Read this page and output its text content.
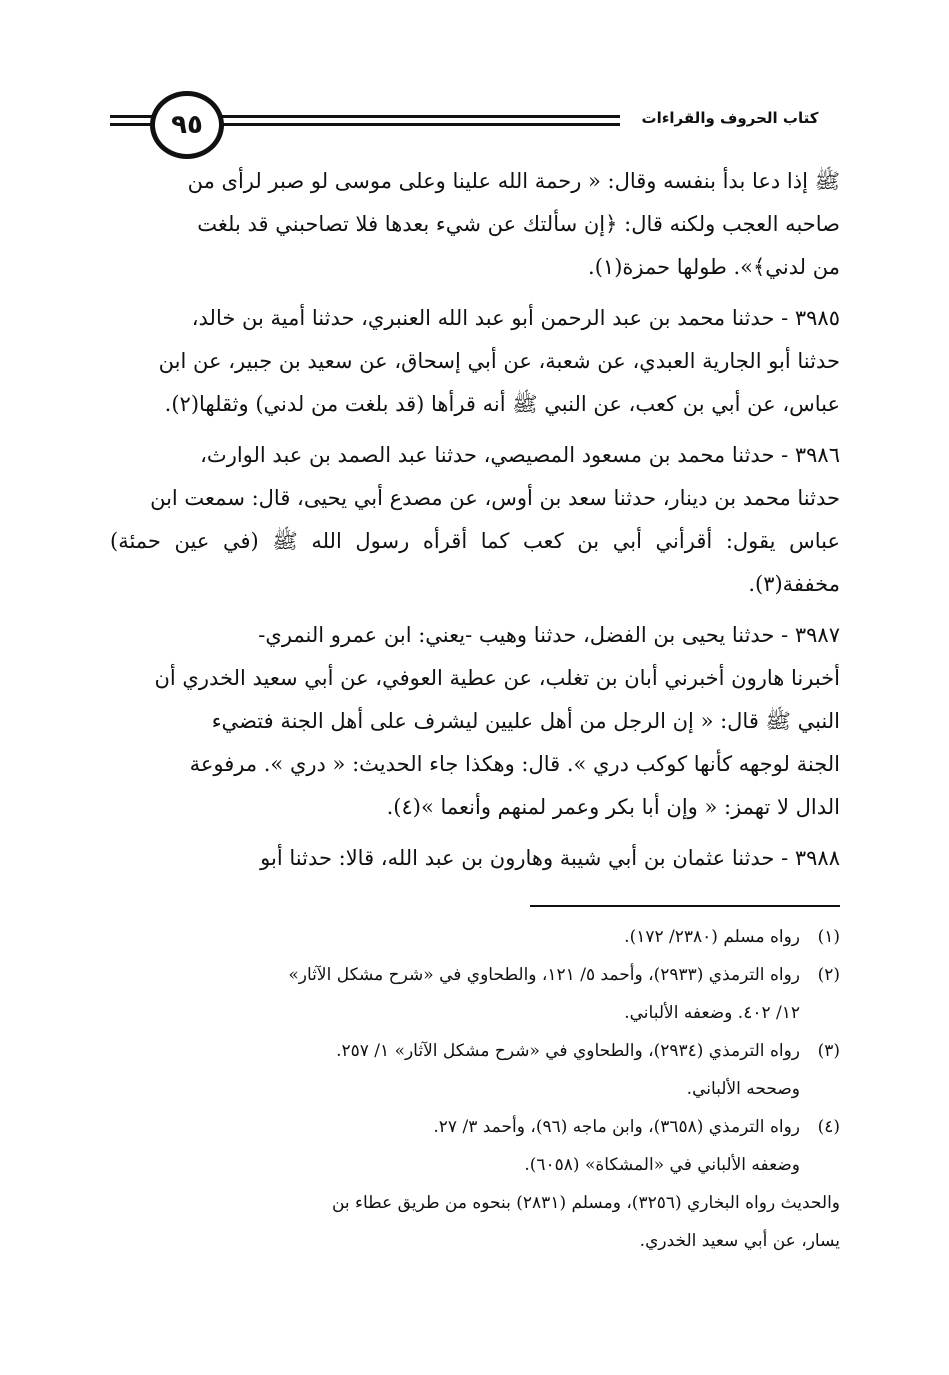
كتاب الحروف والقراءات
٩٥
ﷺ إذا دعا بدأ بنفسه وقال: « رحمة الله علينا وعلى موسى لو صبر لرأى من
صاحبه العجب ولكنه قال: ﴿إن سألتك عن شيء بعدها فلا تصاحبني قد بلغت
من لدني﴾». طولها حمزة(١).
٣٩٨٥ - حدثنا محمد بن عبد الرحمن أبو عبد الله العنبري، حدثنا أمية بن خالد،
حدثنا أبو الجارية العبدي، عن شعبة، عن أبي إسحاق، عن سعيد بن جبير، عن ابن
عباس، عن أبي بن كعب، عن النبي ﷺ أنه قرأها (قد بلغت من لدني) وثقلها(٢).
٣٩٨٦ - حدثنا محمد بن مسعود المصيصي، حدثنا عبد الصمد بن عبد الوارث،
حدثنا محمد بن دينار، حدثنا سعد بن أوس، عن مصدع أبي يحيى، قال: سمعت ابن
عباس يقول: أقرأني أبي بن كعب كما أقرأه رسول الله ﷺ (في عين حمئة) مخففة(٣).
٣٩٨٧ - حدثنا يحيى بن الفضل، حدثنا وهيب -يعني: ابن عمرو النمري-
أخبرنا هارون أخبرني أبان بن تغلب، عن عطية العوفي، عن أبي سعيد الخدري أن
النبي ﷺ قال: « إن الرجل من أهل عليين ليشرف على أهل الجنة فتضيء
الجنة لوجهه كأنها كوكب دري ». قال: وهكذا جاء الحديث: « دري ». مرفوعة
الدال لا تهمز: « وإن أبا بكر وعمر لمنهم وأنعما »(٤).
٣٩٨٨ - حدثنا عثمان بن أبي شيبة وهارون بن عبد الله، قالا: حدثنا أبو
(١)
رواه مسلم (٢٣٨٠/ ١٧٢).
(٢)
رواه الترمذي (٢٩٣٣)، وأحمد ٥/ ١٢١، والطحاوي في «شرح مشكل الآثار»
١٢/ ٤٠٢. وضعفه الألباني.
(٣)
رواه الترمذي (٢٩٣٤)، والطحاوي في «شرح مشكل الآثار» ١/ ٢٥٧.
وصححه الألباني.
(٤)
رواه الترمذي (٣٦٥٨)، وابن ماجه (٩٦)، وأحمد ٣/ ٢٧.
وضعفه الألباني في «المشكاة» (٦٠٥٨).
والحديث رواه البخاري (٣٢٥٦)، ومسلم (٢٨٣١) بنحوه من طريق عطاء بن
يسار، عن أبي سعيد الخدري.
